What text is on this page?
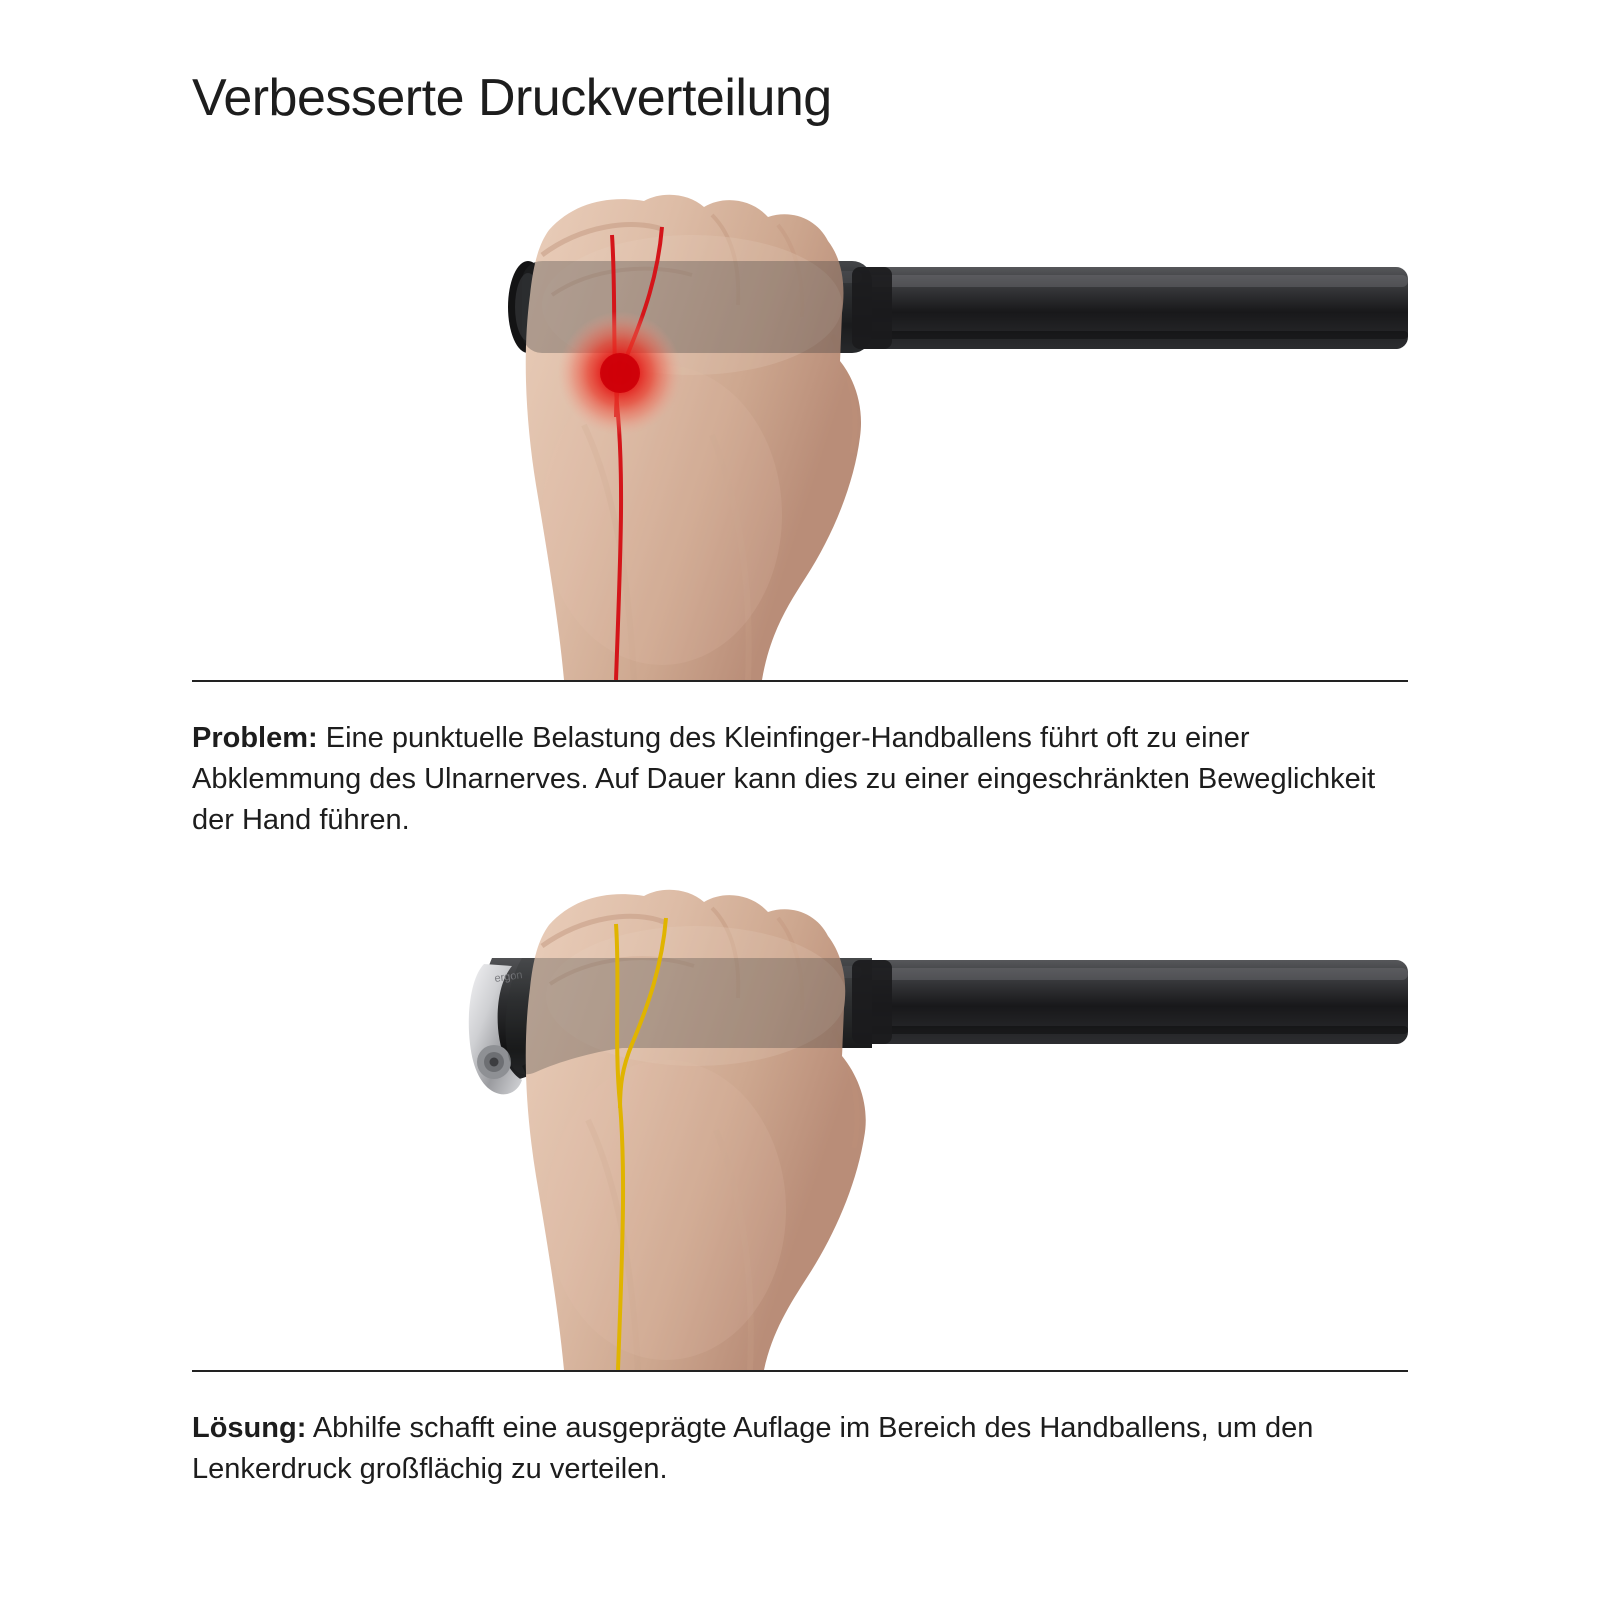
Verbesserte Druckverteilung
Problem: Eine punktuelle Belastung des Kleinfinger-Handballens führt oft zu einer Abklemmung des Ulnarnerves. Auf Dauer kann dies zu einer eingeschränkten Beweglichkeit der Hand führen.
ergon
Lösung: Abhilfe schafft eine ausgeprägte Auflage im Bereich des Handballens, um den Lenkerdruck großflächig zu verteilen.
